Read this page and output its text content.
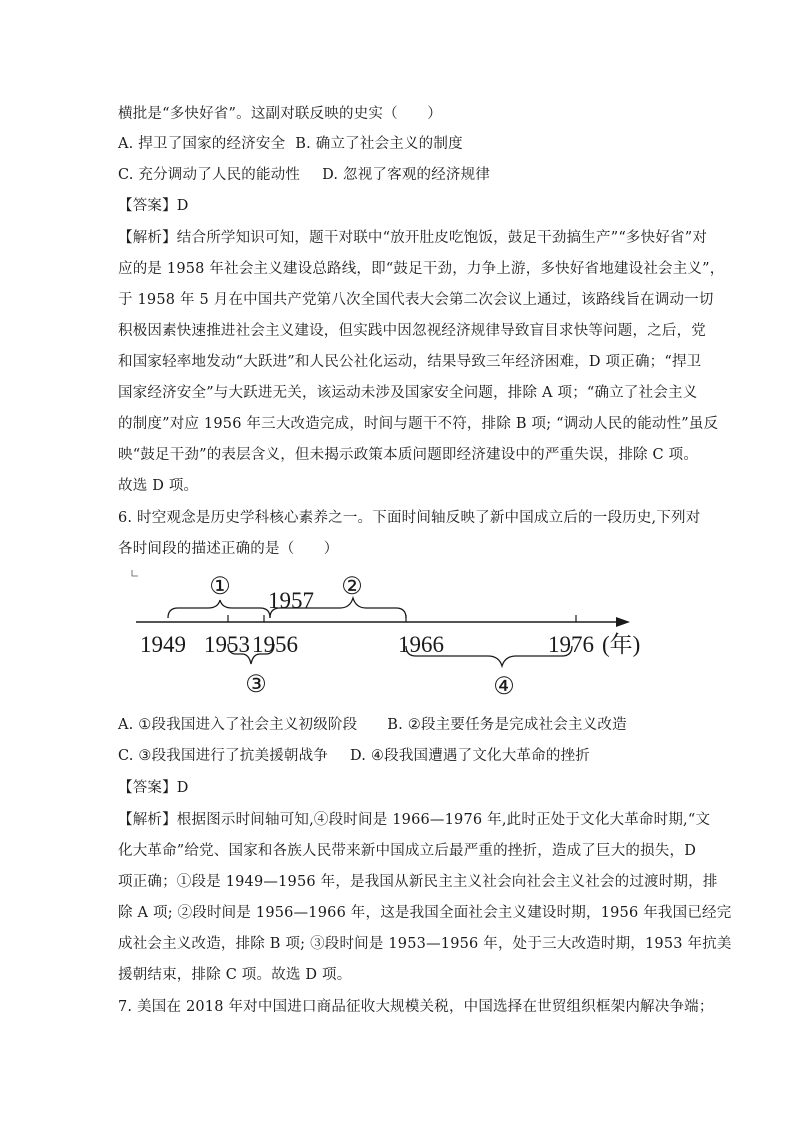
横批是“多快好省”。这副对联反映的史实（　　）
A. 捍卫了国家的经济安全 B. 确立了社会主义的制度
C. 充分调动了人民的能动性 D. 忽视了客观的经济规律
【答案】D
【解析】结合所学知识可知，题干对联中“放开肚皮吃饱饭，鼓足干劲搞生产”“多快好省”对
应的是 1958 年社会主义建设总路线，即“鼓足干劲，力争上游，多快好省地建设社会主义”，
于 1958 年 5 月在中国共产党第八次全国代表大会第二次会议上通过，该路线旨在调动一切
积极因素快速推进社会主义建设，但实践中因忽视经济规律导致盲目求快等问题，之后，党
和国家轻率地发动“大跃进”和人民公社化运动，结果导致三年经济困难，D 项正确；“捍卫
国家经济安全”与大跃进无关，该运动未涉及国家安全问题，排除 A 项；“确立了社会主义
的制度”对应 1956 年三大改造完成，时间与题干不符，排除 B 项; “调动人民的能动性”虽反
映“鼓足干劲”的表层含义，但未揭示政策本质问题即经济建设中的严重失误，排除 C 项。
故选 D 项。
6. 时空观念是历史学科核心素养之一。下面时间轴反映了新中国成立后的一段历史,下列对
各时间段的描述正确的是（　　）
①	②
③	④
1949 1953 1956
1957
1966	1976 (年)
A. ①段我国进入了社会主义初级阶段 B. ②段主要任务是完成社会主义改造
C. ③段我国进行了抗美援朝战争 D. ④段我国遭遇了文化大革命的挫折
【答案】D
【解析】根据图示时间轴可知,④段时间是 1966—1976 年,此时正处于文化大革命时期,“文
化大革命”给党、国家和各族人民带来新中国成立后最严重的挫折，造成了巨大的损失，D
项正确；①段是 1949—1956 年，是我国从新民主主义社会向社会主义社会的过渡时期，排
除 A 项; ②段时间是 1956—1966 年，这是我国全面社会主义建设时期，1956 年我国已经完
成社会主义改造，排除 B 项; ③段时间是 1953—1956 年，处于三大改造时期，1953 年抗美
援朝结束，排除 C 项。故选 D 项。
7. 美国在 2018 年对中国进口商品征收大规模关税，中国选择在世贸组织框架内解决争端；
